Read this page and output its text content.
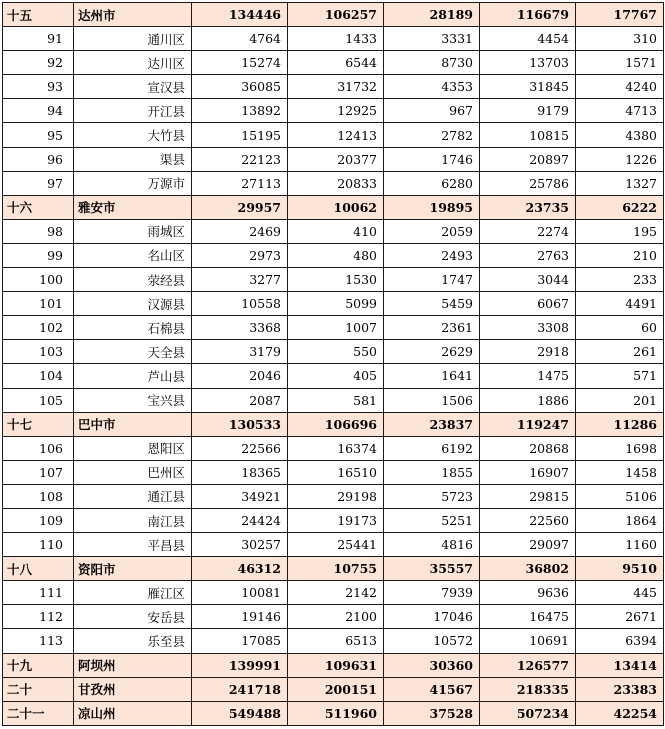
十五	达州市	134446	106257	28189	116679	17767
91	通川区	4764	1433	3331	4454	310
92	达川区	15274	6544	8730	13703	1571
93	宣汉县	36085	31732	4353	31845	4240
94	开江县	13892	12925	967	9179	4713
95	大竹县	15195	12413	2782	10815	4380
96	渠县	22123	20377	1746	20897	1226
97	万源市	27113	20833	6280	25786	1327
十六	雅安市	29957	10062	19895	23735	6222
98	雨城区	2469	410	2059	2274	195
99	名山区	2973	480	2493	2763	210
100	荥经县	3277	1530	1747	3044	233
101	汉源县	10558	5099	5459	6067	4491
102	石棉县	3368	1007	2361	3308	60
103	天全县	3179	550	2629	2918	261
104	芦山县	2046	405	1641	1475	571
105	宝兴县	2087	581	1506	1886	201
十七	巴中市	130533	106696	23837	119247	11286
106	恩阳区	22566	16374	6192	20868	1698
107	巴州区	18365	16510	1855	16907	1458
108	通江县	34921	29198	5723	29815	5106
109	南江县	24424	19173	5251	22560	1864
110	平昌县	30257	25441	4816	29097	1160
十八	资阳市	46312	10755	35557	36802	9510
111	雁江区	10081	2142	7939	9636	445
112	安岳县	19146	2100	17046	16475	2671
113	乐至县	17085	6513	10572	10691	6394
十九	阿坝州	139991	109631	30360	126577	13414
二十	甘孜州	241718	200151	41567	218335	23383
二十一	凉山州	549488	511960	37528	507234	42254
